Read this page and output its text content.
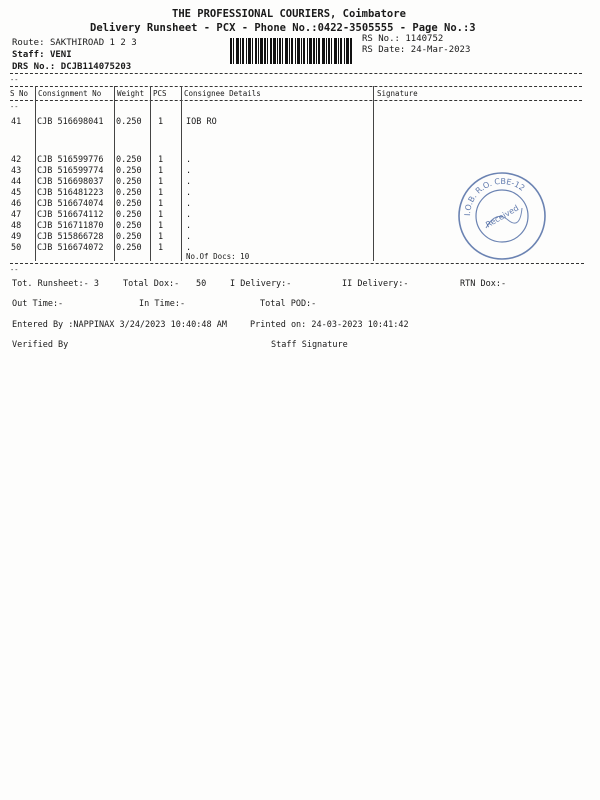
THE PROFESSIONAL COURIERS, Coimbatore
Delivery Runsheet - PCX - Phone No.:0422-3505555 - Page No.:3
Route: SAKTHIROAD 1 2 3
Staff: VENI
DRS No.: DCJB114075203
RS No.: 1140752
RS Date: 24-Mar-2023
--
S No Consignment No Weight PCS Consignee Details	Signature
--
41 CJB 516698041 0.250 1	IOB RO
42 CJB 516599776 0.250 1	.
43 CJB 516599774 0.250 1	.
44 CJB 516698037 0.250 1	.
45 CJB 516481223 0.250 1	.
46 CJB 516674074 0.250 1	.
47 CJB 516674112 0.250 1	.
48 CJB 516711870 0.250 1	.
49 CJB 515866728 0.250 1	.
50 CJB 516674072 0.250 1	.
No.Of Docs: 10
I.O.B. R.O. CBE-12
Received
--
Tot. Runsheet:- 3	Total Dox:- 50	I Delivery:-	II Delivery:-	RTN Dox:-
Out Time:-	In Time:-	Total POD:-
Entered By :NAPPINAX 3/24/2023 10:40:48 AM	Printed on: 24-03-2023 10:41:42
Verified By	Staff Signature
